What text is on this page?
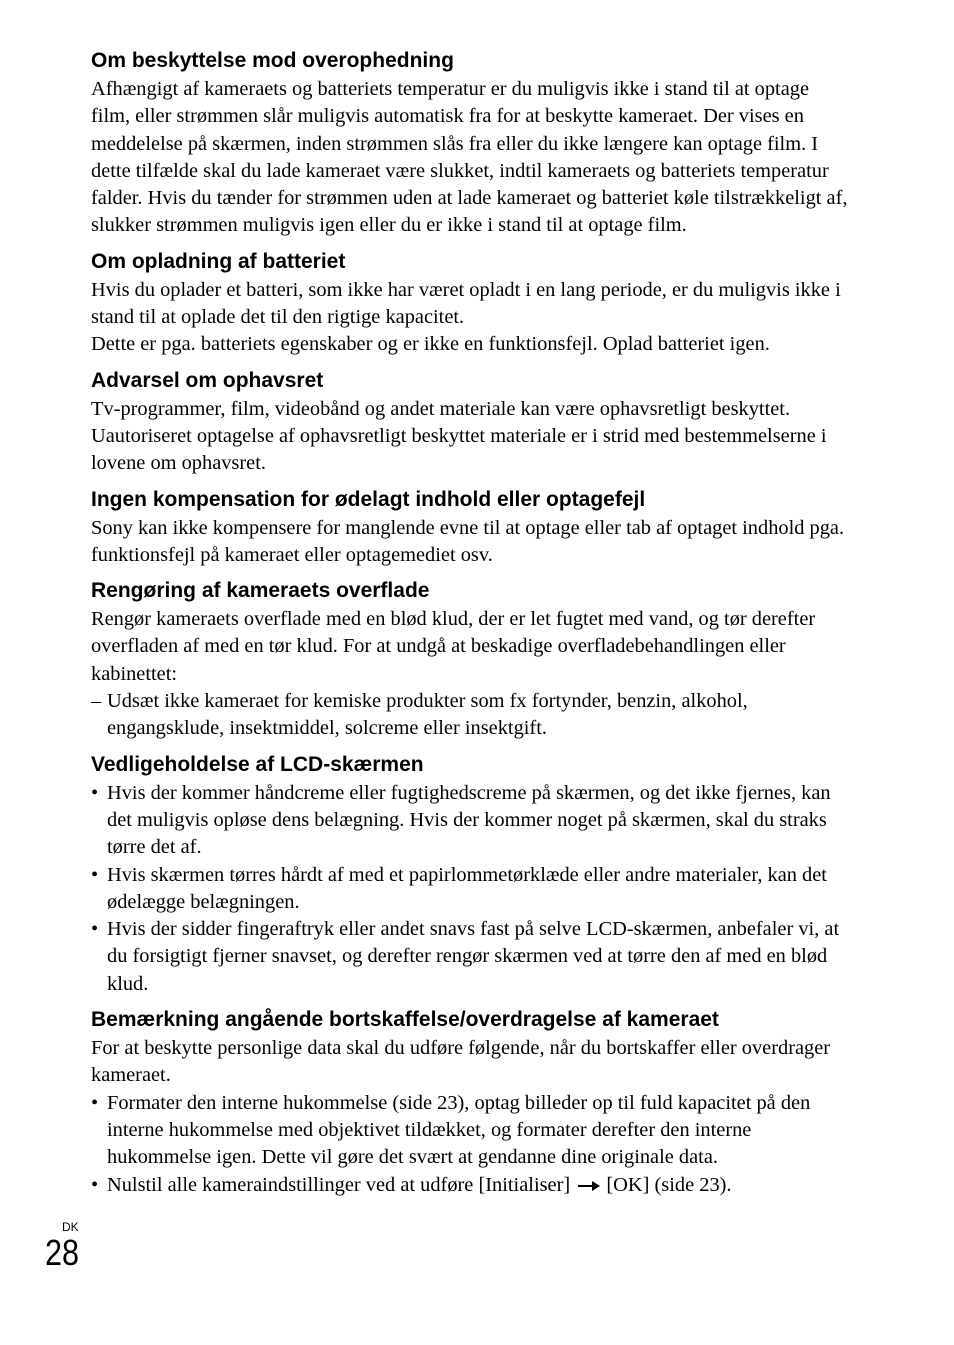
Om beskyttelse mod overophedning

Afhængigt af kameraets og batteriets temperatur er du muligvis ikke i stand til at optage film, eller strømmen slår muligvis automatisk fra for at beskytte kameraet. Der vises en meddelelse på skærmen, inden strømmen slås fra eller du ikke længere kan optage film. I dette tilfælde skal du lade kameraet være slukket, indtil kameraets og batteriets temperatur falder. Hvis du tænder for strømmen uden at lade kameraet og batteriet køle tilstrækkeligt af, slukker strømmen muligvis igen eller du er ikke i stand til at optage film.

Om opladning af batteriet

Hvis du oplader et batteri, som ikke har været opladt i en lang periode, er du muligvis ikke i stand til at oplade det til den rigtige kapacitet.

Dette er pga. batteriets egenskaber og er ikke en funktionsfejl. Oplad batteriet igen.

Advarsel om ophavsret

Tv-programmer, film, videobånd og andet materiale kan være ophavsretligt beskyttet. Uautoriseret optagelse af ophavsretligt beskyttet materiale er i strid med bestemmelserne i lovene om ophavsret.

Ingen kompensation for ødelagt indhold eller optagefejl

Sony kan ikke kompensere for manglende evne til at optage eller tab af optaget indhold pga. funktionsfejl på kameraet eller optagemediet osv.

Rengøring af kameraets overflade

Rengør kameraets overflade med en blød klud, der er let fugtet med vand, og tør derefter overfladen af med en tør klud. For at undgå at beskadige overfladebehandlingen eller kabinettet:

– Udsæt ikke kameraet for kemiske produkter som fx fortynder, benzin, alkohol, engangsklude, insektmiddel, solcreme eller insektgift.
Vedligeholdelse af LCD-skærmen
• Hvis der kommer håndcreme eller fugtighedscreme på skærmen, og det ikke fjernes, kan det muligvis opløse dens belægning. Hvis der kommer noget på skærmen, skal du straks tørre det af.
• Hvis skærmen tørres hårdt af med et papirlommetørklæde eller andre materialer, kan det ødelægge belægningen.
• Hvis der sidder fingeraftryk eller andet snavs fast på selve LCD-skærmen, anbefaler vi, at du forsigtigt fjerner snavset, og derefter rengør skærmen ved at tørre den af med en blød klud.
Bemærkning angående bortskaffelse/overdragelse af kameraet

For at beskytte personlige data skal du udføre følgende, når du bortskaffer eller overdrager kameraet.

• Formater den interne hukommelse (side 23), optag billeder op til fuld kapacitet på den interne hukommelse med objektivet tildækket, og formater derefter den interne hukommelse igen. Dette vil gøre det svært at gendanne dine originale data.
• Nulstil alle kameraindstillinger ved at udføre [Initialiser] [OK] (side 23).
DK
28
